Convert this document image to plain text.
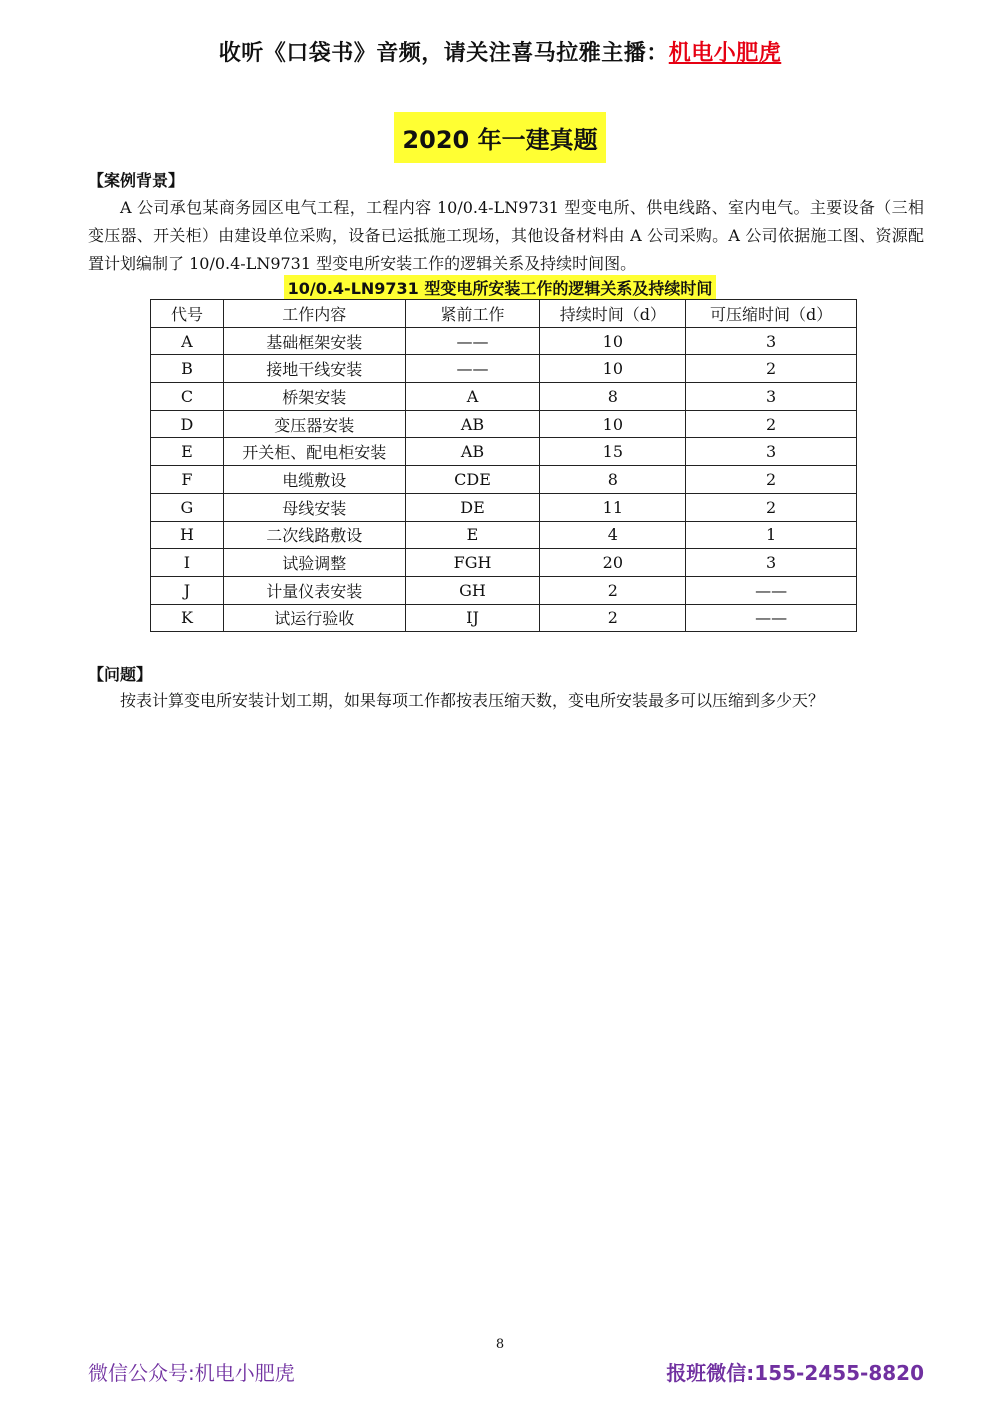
收听《口袋书》音频，请关注喜马拉雅主播：机电小肥虎
2020 年一建真题
【案例背景】
A 公司承包某商务园区电气工程，工程内容 10/0.4-LN9731 型变电所、供电线路、室内电气。主要设备（三相变压器、开关柜）由建设单位采购，设备已运抵施工现场，其他设备材料由 A 公司采购。A 公司依据施工图、资源配置计划编制了 10/0.4-LN9731 型变电所安装工作的逻辑关系及持续时间图。
10/0.4-LN9731 型变电所安装工作的逻辑关系及持续时间
代号	工作内容	紧前工作	持续时间（d）	可压缩时间（d）
A	基础框架安装	——	10	3
B	接地干线安装	——	10	2
C	桥架安装	A	8	3
D	变压器安装	AB	10	2
E	开关柜、配电柜安装	AB	15	3
F	电缆敷设	CDE	8	2
G	母线安装	DE	11	2
H	二次线路敷设	E	4	1
I	试验调整	FGH	20	3
J	计量仪表安装	GH	2	——
K	试运行验收	IJ	2	——
【问题】
按表计算变电所安装计划工期，如果每项工作都按表压缩天数，变电所安装最多可以压缩到多少天？
8
微信公众号:机电小肥虎	报班微信:155-2455-8820
